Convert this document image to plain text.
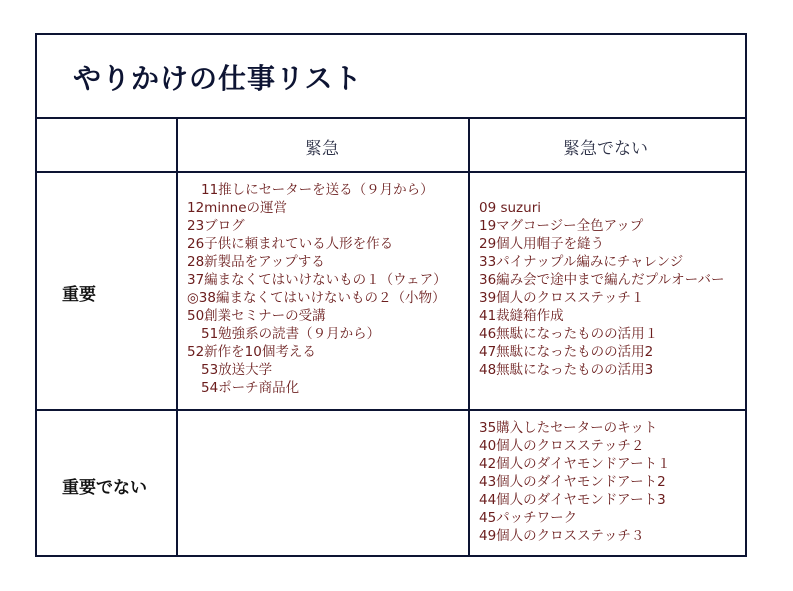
やりかけの仕事リスト
緊急	緊急でない
重要
重要でない
11推しにセーターを送る（９月から）
12minneの運営
23ブログ
26子供に頼まれている人形を作る
28新製品をアップする
37編まなくてはいけないもの１（ウェア）
◎38編まなくてはいけないもの２（小物）
50創業セミナーの受講
51勉強系の読書（９月から）
52新作を10個考える
53放送大学
54ポーチ商品化
09 suzuri
19マグコージー全色アップ
29個人用帽子を縫う
33パイナップル編みにチャレンジ
36編み会で途中まで編んだプルオーバー
39個人のクロスステッチ１
41裁縫箱作成
46無駄になったものの活用１
47無駄になったものの活用2
48無駄になったものの活用3
35購入したセーターのキット
40個人のクロスステッチ２
42個人のダイヤモンドアート１
43個人のダイヤモンドアート2
44個人のダイヤモンドアート3
45パッチワーク
49個人のクロスステッチ３
